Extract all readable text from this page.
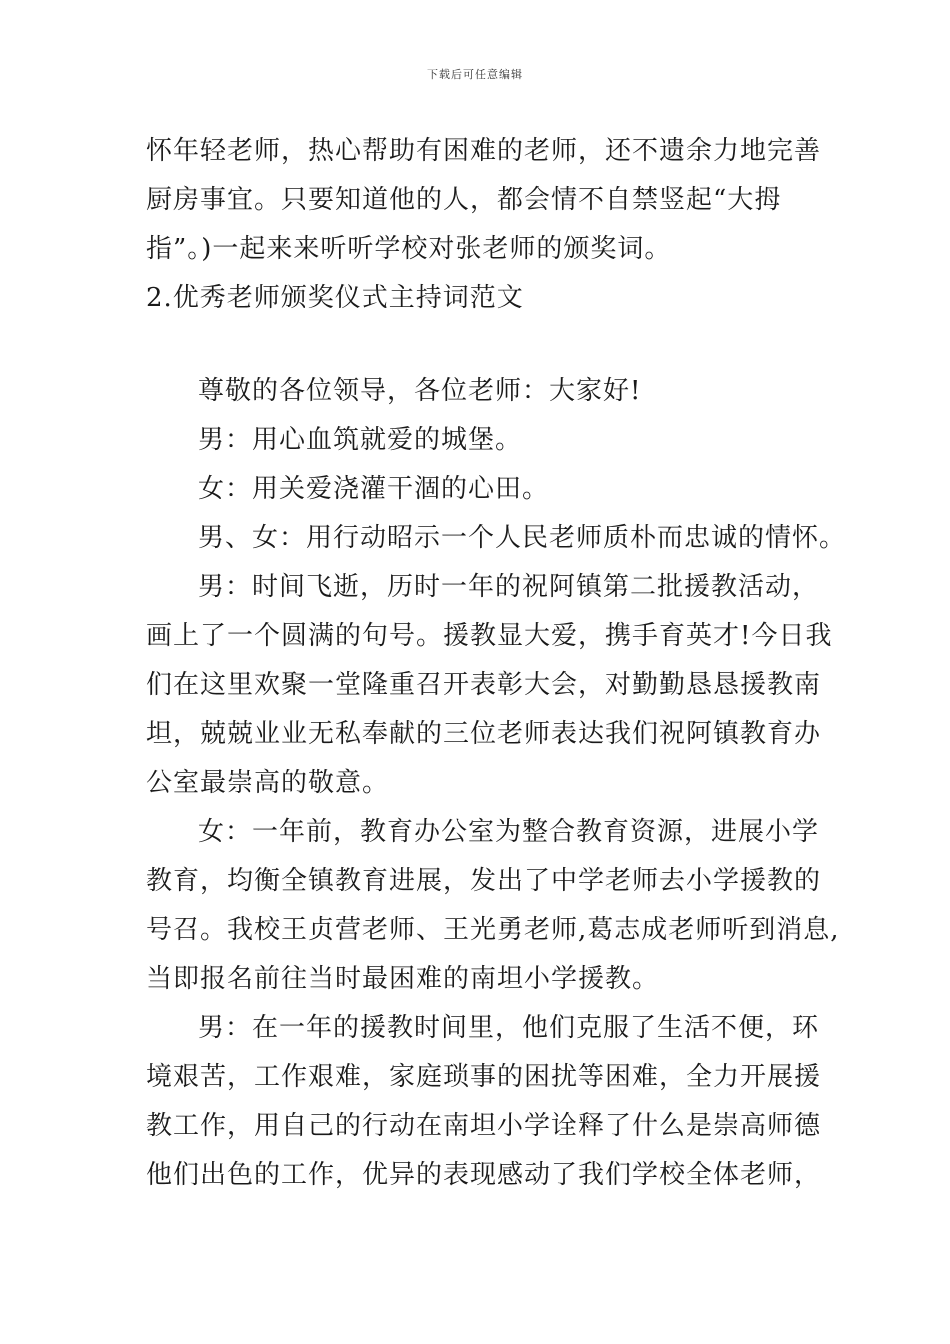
下载后可任意编辑
怀年轻老师，热心帮助有困难的老师，还不遗余力地完善
厨房事宜。只要知道他的人，都会情不自禁竖起“大拇
指”。)一起来来听听学校对张老师的颁奖词。
2.优秀老师颁奖仪式主持词范文
尊敬的各位领导，各位老师：大家好!
男：用心血筑就爱的城堡。
女：用关爱浇灌干涸的心田。
男、女：用行动昭示一个人民老师质朴而忠诚的情怀。
男：时间飞逝，历时一年的祝阿镇第二批援教活动，
画上了一个圆满的句号。援教显大爱，携手育英才!今日我
们在这里欢聚一堂隆重召开表彰大会，对勤勤恳恳援教南
坦，兢兢业业无私奉献的三位老师表达我们祝阿镇教育办
公室最崇高的敬意。
女：一年前，教育办公室为整合教育资源，进展小学
教育，均衡全镇教育进展，发出了中学老师去小学援教的
号召。我校王贞营老师、王光勇老师,葛志成老师听到消息,
当即报名前往当时最困难的南坦小学援教。
男：在一年的援教时间里，他们克服了生活不便，环
境艰苦，工作艰难，家庭琐事的困扰等困难，全力开展援
教工作，用自己的行动在南坦小学诠释了什么是崇高师德
他们出色的工作，优异的表现感动了我们学校全体老师，
